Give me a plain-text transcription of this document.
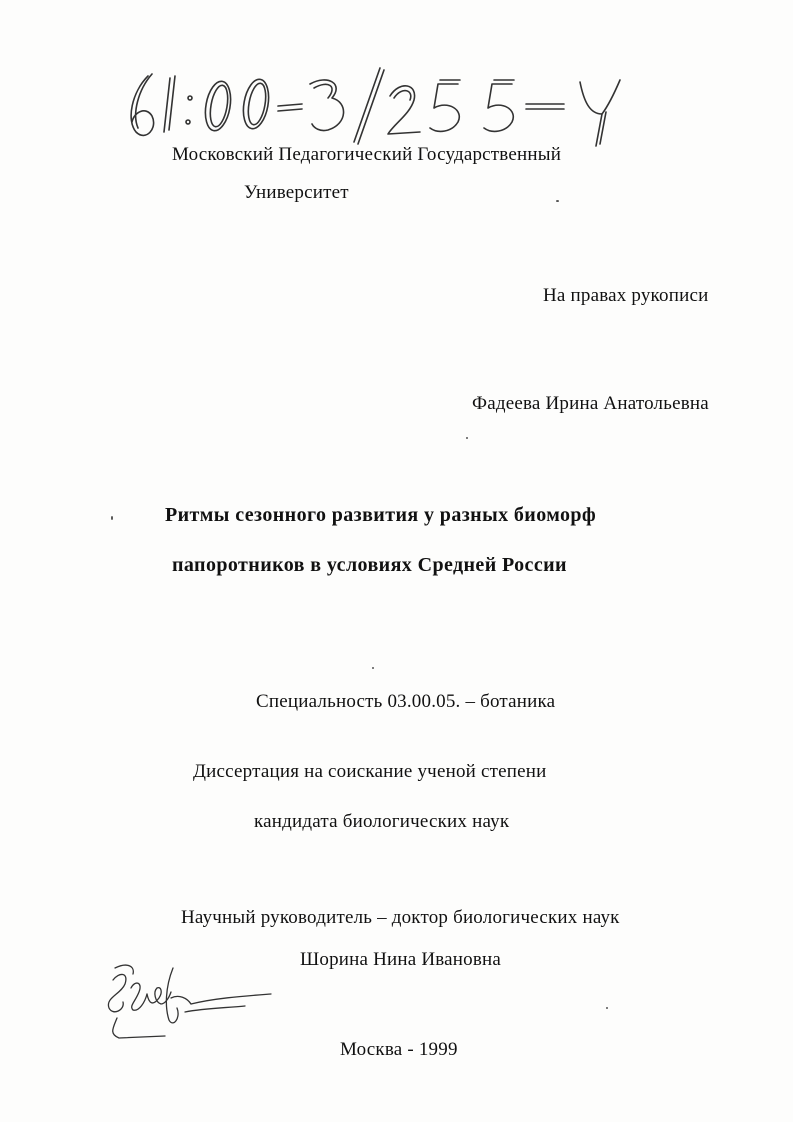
61:00-3/255-4
Московский Педагогический Государственный
Университет
На правах рукописи
Фадеева Ирина Анатольевна
Ритмы сезонного развития у разных биоморф
папоротников в условиях Средней России
Специальность 03.00.05. – ботаника
Диссертация на соискание ученой степени
кандидата биологических наук
Научный руководитель – доктор биологических наук
Шорина Нина Ивановна
Москва - 1999
